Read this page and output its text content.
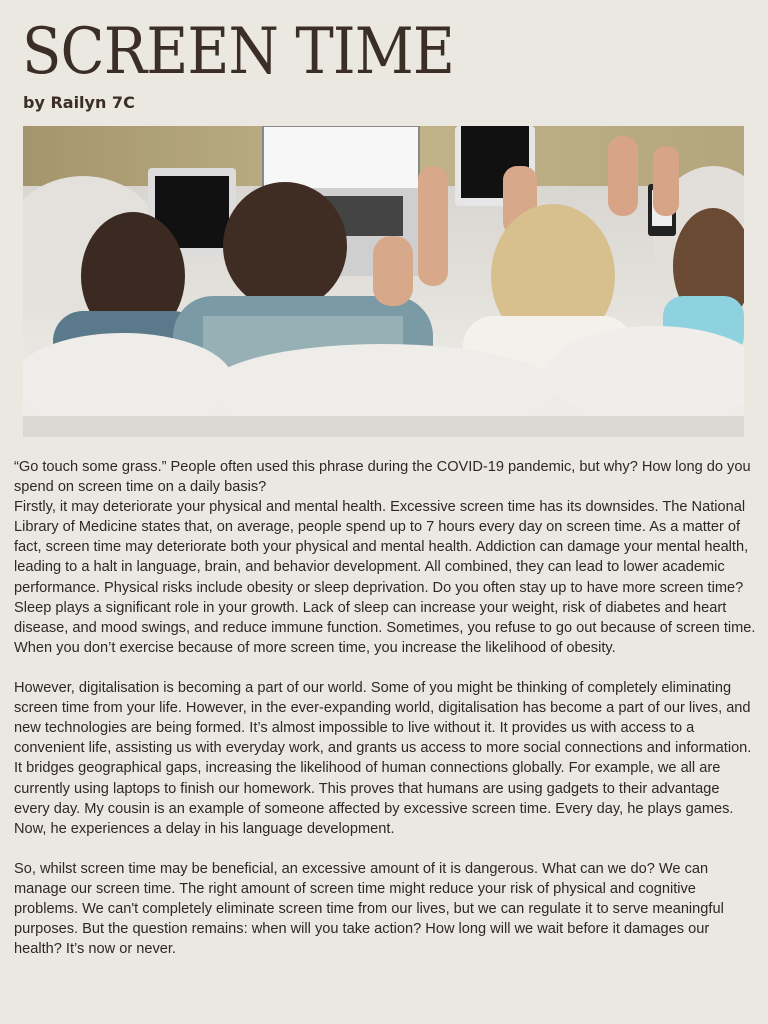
SCREEN TIME
by Railyn 7C

“Go touch some grass.” People often used this phrase during the COVID-19 pandemic, but why? How long do you spend on screen time on a daily basis?

Firstly, it may deteriorate your physical and mental health. Excessive screen time has its downsides. The National Library of Medicine states that, on average, people spend up to 7 hours every day on screen time. As a matter of fact, screen time may deteriorate both your physical and mental health. Addiction can damage your mental health, leading to a halt in language, brain, and behavior development. All combined, they can lead to lower academic performance. Physical risks include obesity or sleep deprivation. Do you often stay up to have more screen time? Sleep plays a significant role in your growth. Lack of sleep can increase your weight, risk of diabetes and heart disease, and mood swings, and reduce immune function. Sometimes, you refuse to go out because of screen time. When you don’t exercise because of more screen time, you increase the likelihood of obesity.

However, digitalisation is becoming a part of our world. Some of you might be thinking of completely eliminating screen time from your life. However, in the ever-expanding world, digitalisation has become a part of our lives, and new technologies are being formed. It’s almost impossible to live without it. It provides us with access to a convenient life, assisting us with everyday work, and grants us access to more social connections and information. It bridges geographical gaps, increasing the likelihood of human connections globally. For example, we all are currently using laptops to finish our homework. This proves that humans are using gadgets to their advantage every day. My cousin is an example of someone affected by excessive screen time. Every day, he plays games. Now, he experiences a delay in his language development.

So, whilst screen time may be beneficial, an excessive amount of it is dangerous. What can we do? We can manage our screen time. The right amount of screen time might reduce your risk of physical and cognitive problems. We can't completely eliminate screen time from our lives, but we can regulate it to serve meaningful purposes. But the question remains: when will you take action? How long will we wait before it damages our health? It’s now or never.
